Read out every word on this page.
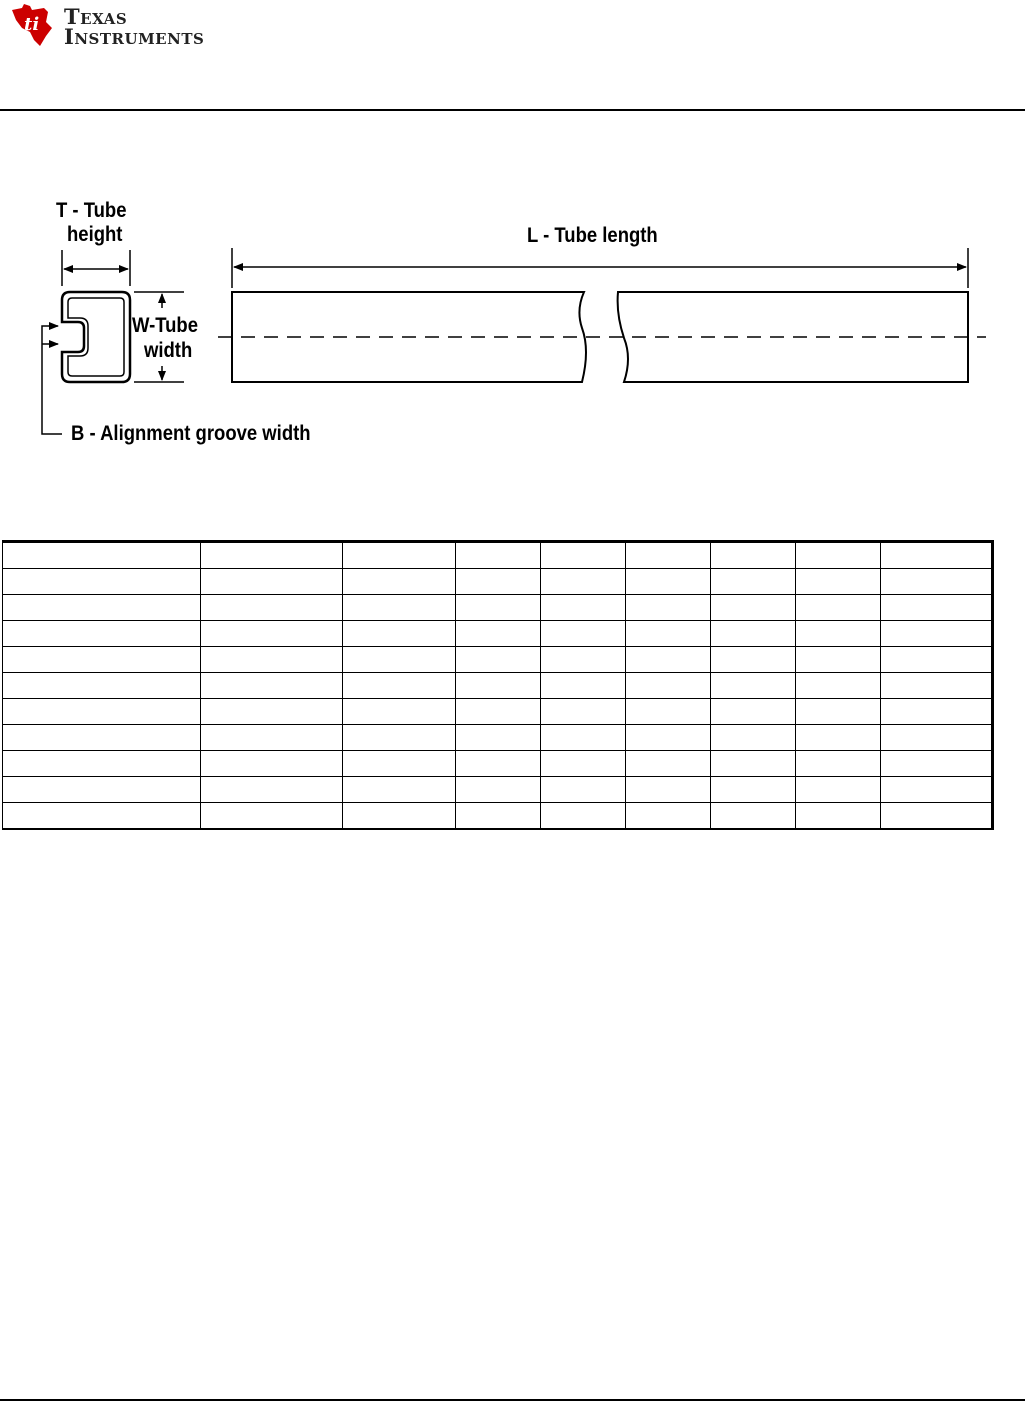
ti TEXAS
INSTRUMENTS
T - Tube
height
W-Tube
width
L - Tube length
B - Alignment groove width
